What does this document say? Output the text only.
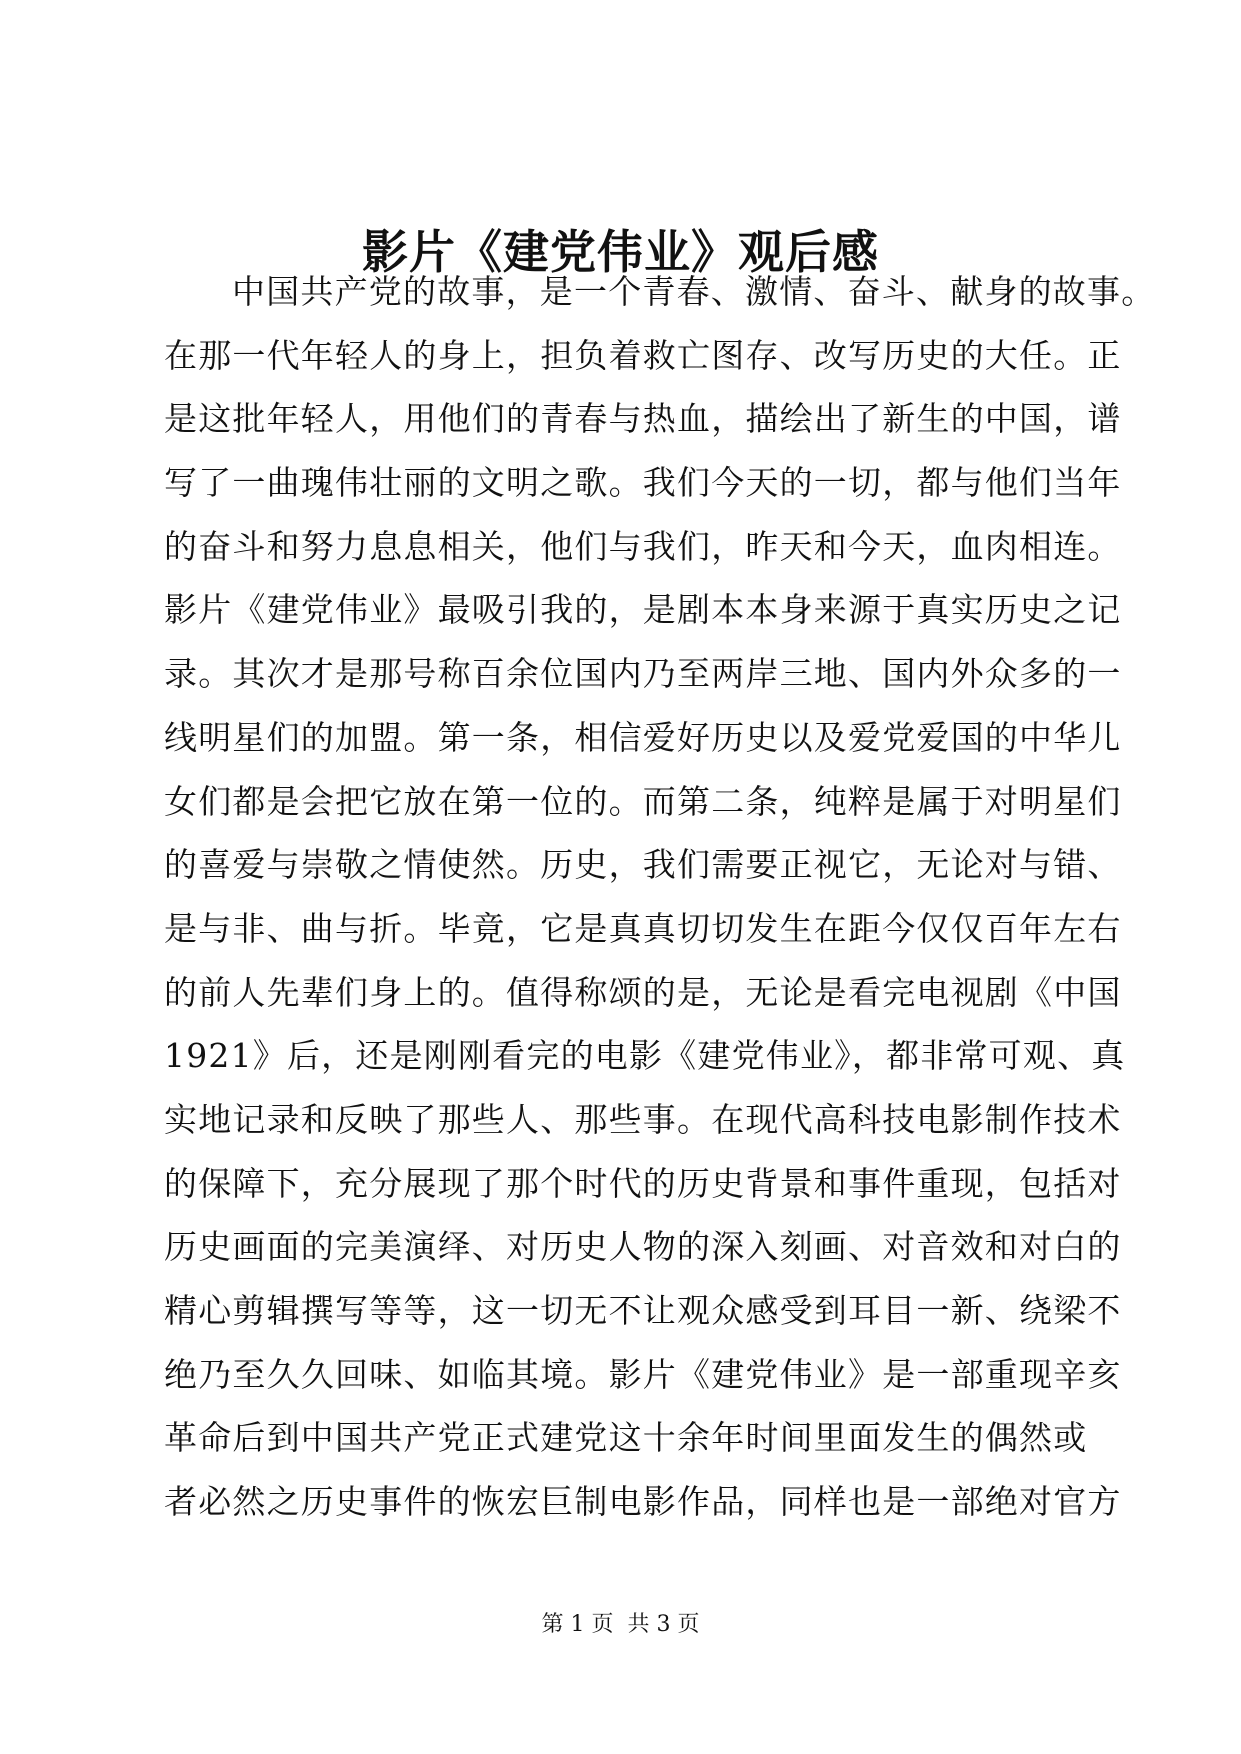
影片《建党伟业》观后感
中国共产党的故事，是一个青春、激情、奋斗、献身的故事。
在那一代年轻人的身上，担负着救亡图存、改写历史的大任。正
是这批年轻人，用他们的青春与热血，描绘出了新生的中国，谱
写了一曲瑰伟壮丽的文明之歌。我们今天的一切，都与他们当年
的奋斗和努力息息相关，他们与我们，昨天和今天，血肉相连。
影片《建党伟业》最吸引我的，是剧本本身来源于真实历史之记
录。其次才是那号称百余位国内乃至两岸三地、国内外众多的一
线明星们的加盟。第一条，相信爱好历史以及爱党爱国的中华儿
女们都是会把它放在第一位的。而第二条，纯粹是属于对明星们
的喜爱与崇敬之情使然。历史，我们需要正视它，无论对与错、
是与非、曲与折。毕竟，它是真真切切发生在距今仅仅百年左右
的前人先辈们身上的。值得称颂的是，无论是看完电视剧《中国
1921》后，还是刚刚看完的电影《建党伟业》，都非常可观、真
实地记录和反映了那些人、那些事。在现代高科技电影制作技术
的保障下，充分展现了那个时代的历史背景和事件重现，包括对
历史画面的完美演绎、对历史人物的深入刻画、对音效和对白的
精心剪辑撰写等等，这一切无不让观众感受到耳目一新、绕梁不
绝乃至久久回味、如临其境。影片《建党伟业》是一部重现辛亥
革命后到中国共产党正式建党这十余年时间里面发生的偶然或
者必然之历史事件的恢宏巨制电影作品，同样也是一部绝对官方
第 1 页 共 3 页
